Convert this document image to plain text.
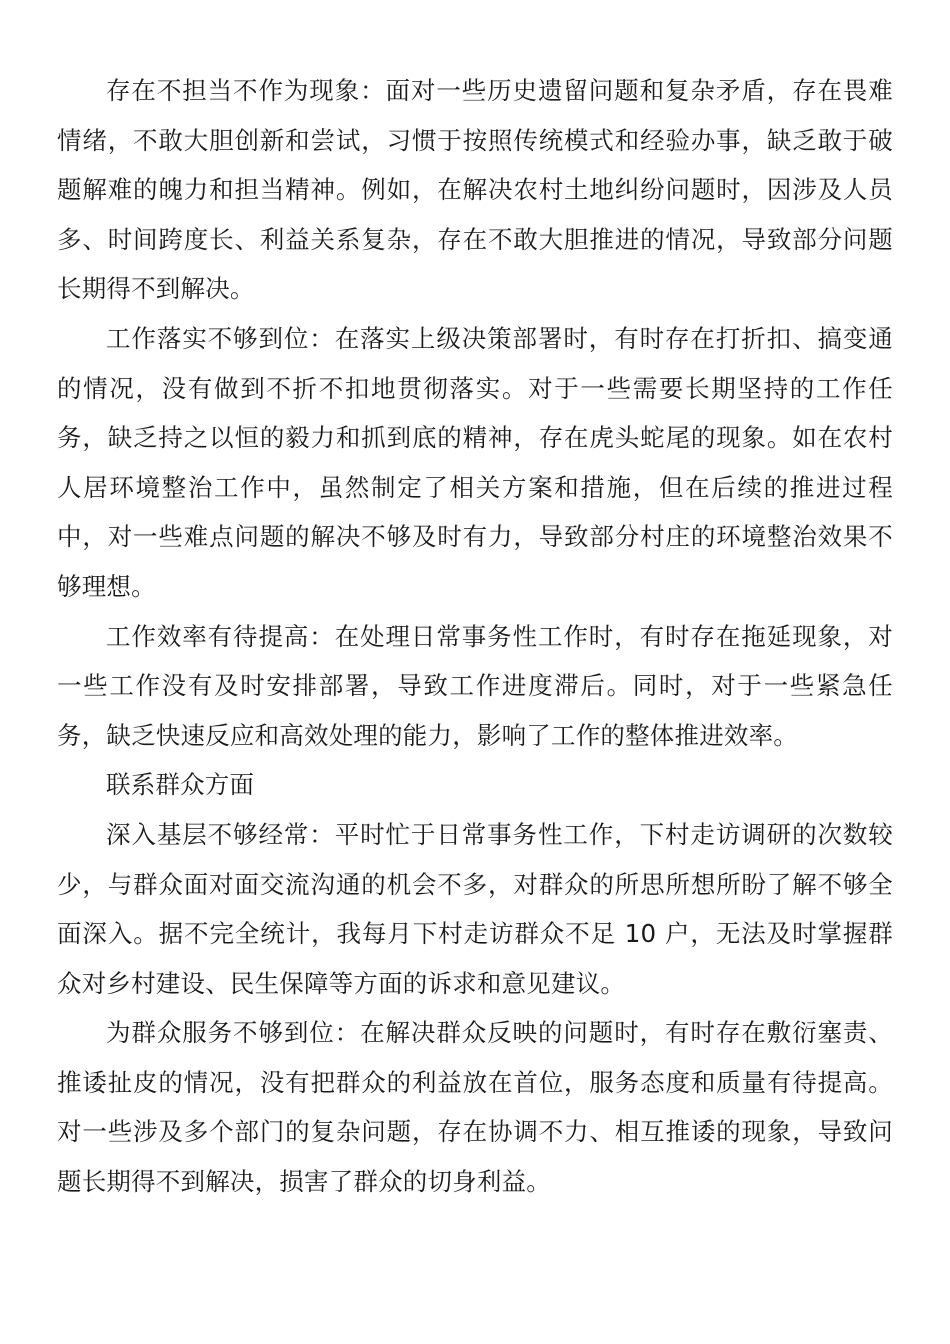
存在不担当不作为现象：面对一些历史遗留问题和复杂矛盾，存在畏难情绪，不敢大胆创新和尝试，习惯于按照传统模式和经验办事，缺乏敢于破题解难的魄力和担当精神。例如，在解决农村土地纠纷问题时，因涉及人员多、时间跨度长、利益关系复杂，存在不敢大胆推进的情况，导致部分问题长期得不到解决。

工作落实不够到位：在落实上级决策部署时，有时存在打折扣、搞变通的情况，没有做到不折不扣地贯彻落实。对于一些需要长期坚持的工作任务，缺乏持之以恒的毅力和抓到底的精神，存在虎头蛇尾的现象。如在农村人居环境整治工作中，虽然制定了相关方案和措施，但在后续的推进过程中，对一些难点问题的解决不够及时有力，导致部分村庄的环境整治效果不够理想。

工作效率有待提高：在处理日常事务性工作时，有时存在拖延现象，对一些工作没有及时安排部署，导致工作进度滞后。同时，对于一些紧急任务，缺乏快速反应和高效处理的能力，影响了工作的整体推进效率。

联系群众方面

深入基层不够经常：平时忙于日常事务性工作，下村走访调研的次数较少，与群众面对面交流沟通的机会不多，对群众的所思所想所盼了解不够全面深入。据不完全统计，我每月下村走访群众不足 10 户，无法及时掌握群众对乡村建设、民生保障等方面的诉求和意见建议。

为群众服务不够到位：在解决群众反映的问题时，有时存在敷衍塞责、推诿扯皮的情况，没有把群众的利益放在首位，服务态度和质量有待提高。对一些涉及多个部门的复杂问题，存在协调不力、相互推诿的现象，导致问题长期得不到解决，损害了群众的切身利益。
